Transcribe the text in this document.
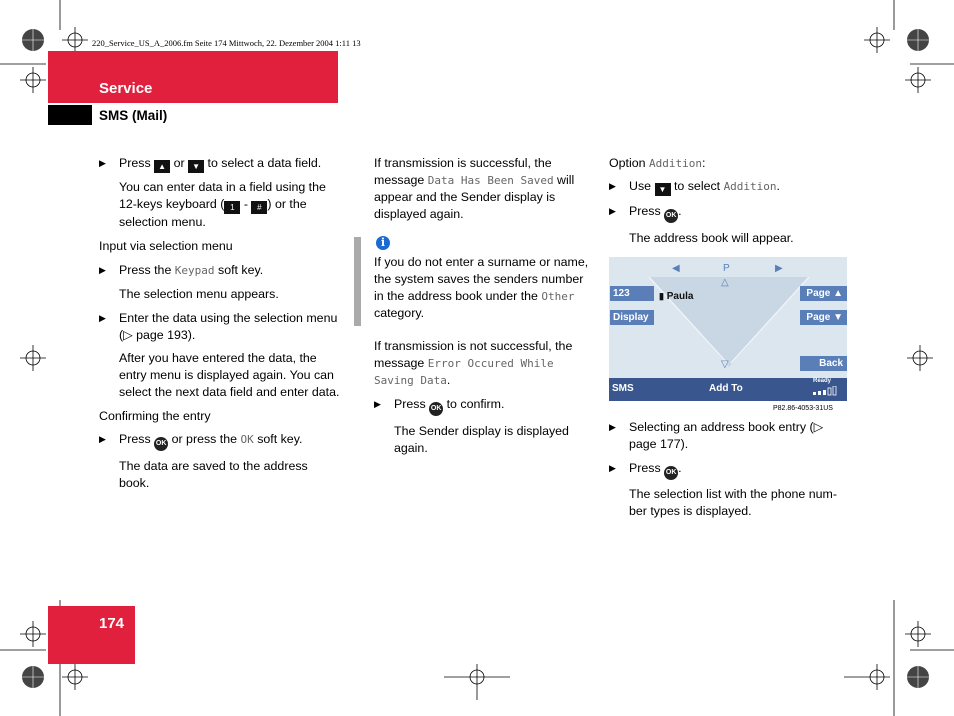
220_Service_US_A_2006.fm Seite 174 Mittwoch, 22. Dezember 2004 1:11 13
Service
SMS (Mail)
174
▶	Press ▲ or ▼ to select a data field.

You can enter data in a field using the 12-keys keyboard ( 1 - # ) or the selection menu.

Input via selection menu

▶	Press the Keypad soft key.

The selection menu appears.

▶	Enter the data using the selection menu (▷ page 193).

After you have entered the data, the entry menu is displayed again. You can select the next data field and enter data.

Confirming the entry

▶	Press OK or press the OK soft key.

The data are saved to the address book.

If transmission is successful, the message Data Has Been Saved will appear and the Sender display is displayed again.

i

If you do not enter a surname or name, the system saves the senders number in the address book under the Other category.

If transmission is not successful, the message Error Occured While Saving Data.

▶	Press OK to confirm.

The Sender display is displayed again.

Option Addition:

▶	Use ▼ to select Addition.
▶	Press OK .

The address book will appear.

◀	P	▶
△
▽
123
Display
▮ Paula	Page ▲
Page ▼
Back
SMS	Add To
Ready
P82.86-4053-31US
▶	Selecting an address book entry (▷ page 177).
▶	Press OK .

The selection list with the phone num-ber types is displayed.
